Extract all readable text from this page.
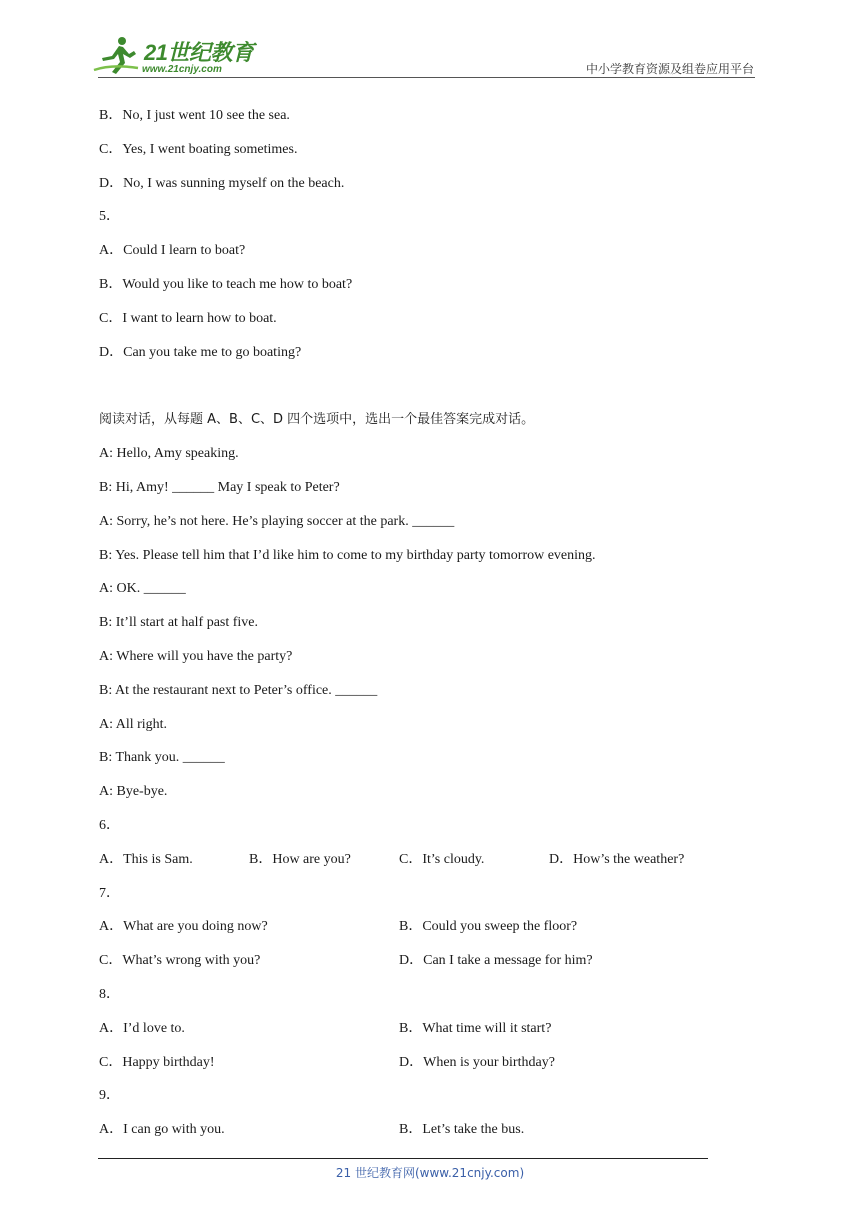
21世纪教育
www.21cnjy.com	中小学教育资源及组卷应用平台
B．No, I just went 10 see the sea.
C．Yes, I went boating sometimes.
D．No, I was sunning myself on the beach.
5．
A．Could I learn to boat?
B．Would you like to teach me how to boat?
C．I want to learn how to boat.
D．Can you take me to go boating?
阅读对话，从每题 A、B、C、D 四个选项中，选出一个最佳答案完成对话。
A: Hello, Amy speaking.
B: Hi, Amy! ______ May I speak to Peter?
A: Sorry, he’s not here. He’s playing soccer at the park. ______
B: Yes. Please tell him that I’d like him to come to my birthday party tomorrow evening.
A: OK. ______
B: It’ll start at half past five.
A: Where will you have the party?
B: At the restaurant next to Peter’s office. ______
A: All right.
B: Thank you. ______
A: Bye-bye.
6．
A．This is Sam.	B．How are you?	C．It’s cloudy.	D．How’s the weather?
7．
A．What are you doing now?	B．Could you sweep the floor?
C．What’s wrong with you?	D．Can I take a message for him?
8．
A．I’d love to.	B．What time will it start?
C．Happy birthday!	D．When is your birthday?
9．
A．I can go with you.	B．Let’s take the bus.
21 世纪教育网(www.21cnjy.com)
